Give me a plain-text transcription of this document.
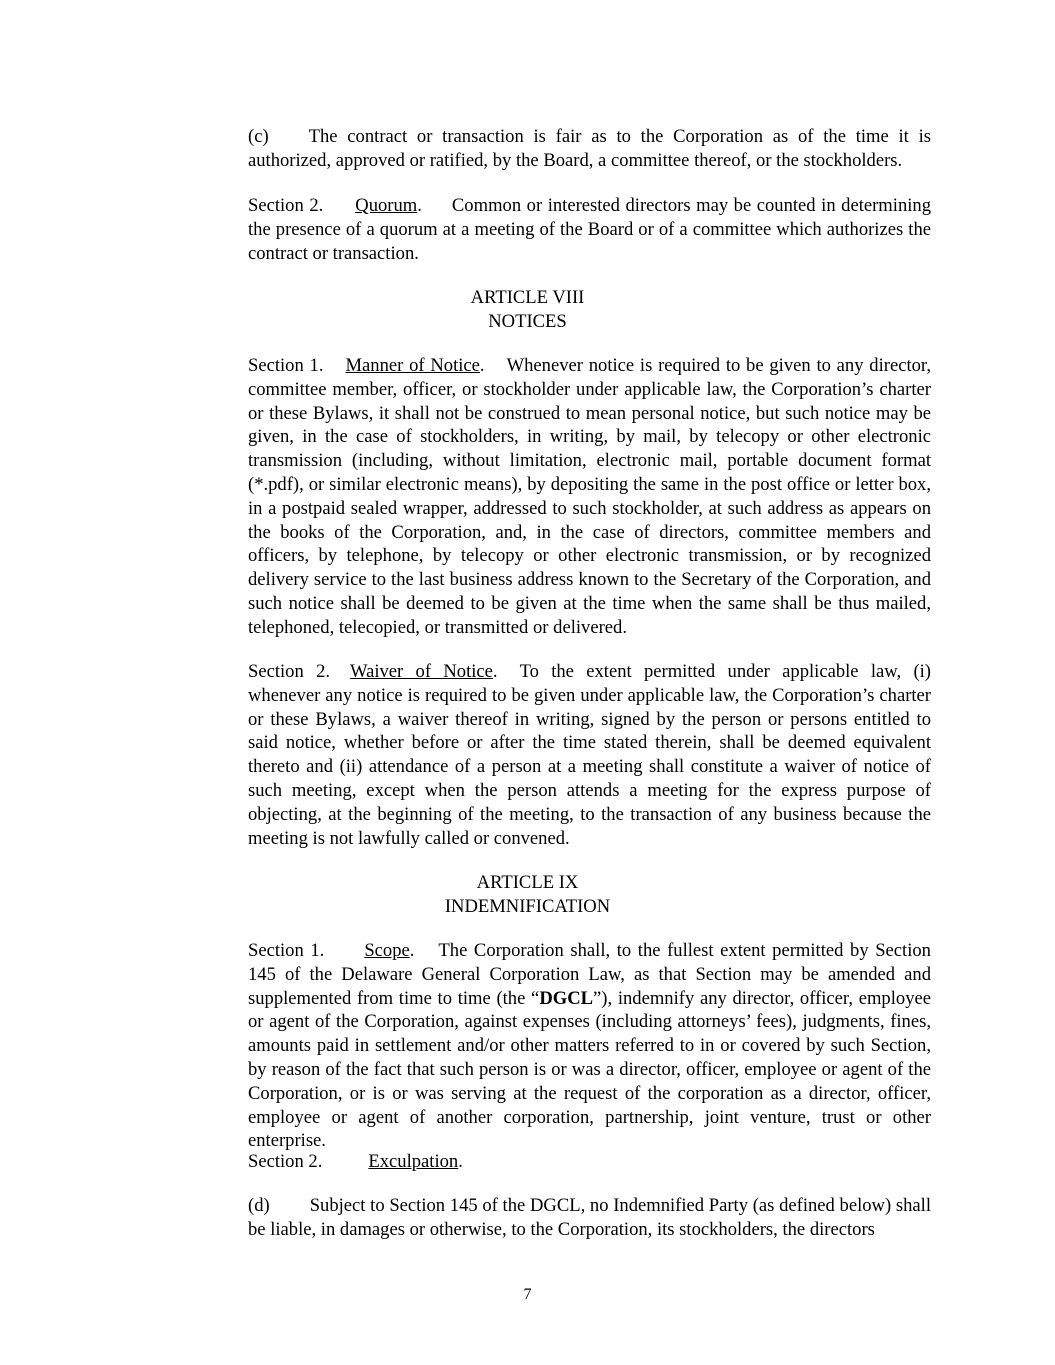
(c) The contract or transaction is fair as to the Corporation as of the time it is authorized, approved or ratified, by the Board, a committee thereof, or the stockholders.

Section 2. Quorum. Common or interested directors may be counted in determining the presence of a quorum at a meeting of the Board or of a committee which authorizes the contract or transaction.

ARTICLE VIII

NOTICES

Section 1. Manner of Notice. Whenever notice is required to be given to any director, committee member, officer, or stockholder under applicable law, the Corporation’s charter or these Bylaws, it shall not be construed to mean personal notice, but such notice may be given, in the case of stockholders, in writing, by mail, by telecopy or other electronic transmission (including, without limitation, electronic mail, portable document format (*.pdf), or similar electronic means), by depositing the same in the post office or letter box, in a postpaid sealed wrapper, addressed to such stockholder, at such address as appears on the books of the Corporation, and, in the case of directors, committee members and officers, by telephone, by telecopy or other electronic transmission, or by recognized delivery service to the last business address known to the Secretary of the Corporation, and such notice shall be deemed to be given at the time when the same shall be thus mailed, telephoned, telecopied, or transmitted or delivered.

Section 2. Waiver of Notice. To the extent permitted under applicable law, (i) whenever any notice is required to be given under applicable law, the Corporation’s charter or these Bylaws, a waiver thereof in writing, signed by the person or persons entitled to said notice, whether before or after the time stated therein, shall be deemed equivalent thereto and (ii) attendance of a person at a meeting shall constitute a waiver of notice of such meeting, except when the person attends a meeting for the express purpose of objecting, at the beginning of the meeting, to the transaction of any business because the meeting is not lawfully called or convened.

ARTICLE IX

INDEMNIFICATION

Section 1. Scope. The Corporation shall, to the fullest extent permitted by Section 145 of the Delaware General Corporation Law, as that Section may be amended and supplemented from time to time (the “DGCL”), indemnify any director, officer, employee or agent of the Corporation, against expenses (including attorneys’ fees), judgments, fines, amounts paid in settlement and/or other matters referred to in or covered by such Section, by reason of the fact that such person is or was a director, officer, employee or agent of the Corporation, or is or was serving at the request of the corporation as a director, officer, employee or agent of another corporation, partnership, joint venture, trust or other enterprise.

Section 2. Exculpation.

(d) Subject to Section 145 of the DGCL, no Indemnified Party (as defined below) shall be liable, in damages or otherwise, to the Corporation, its stockholders, the directors

7
